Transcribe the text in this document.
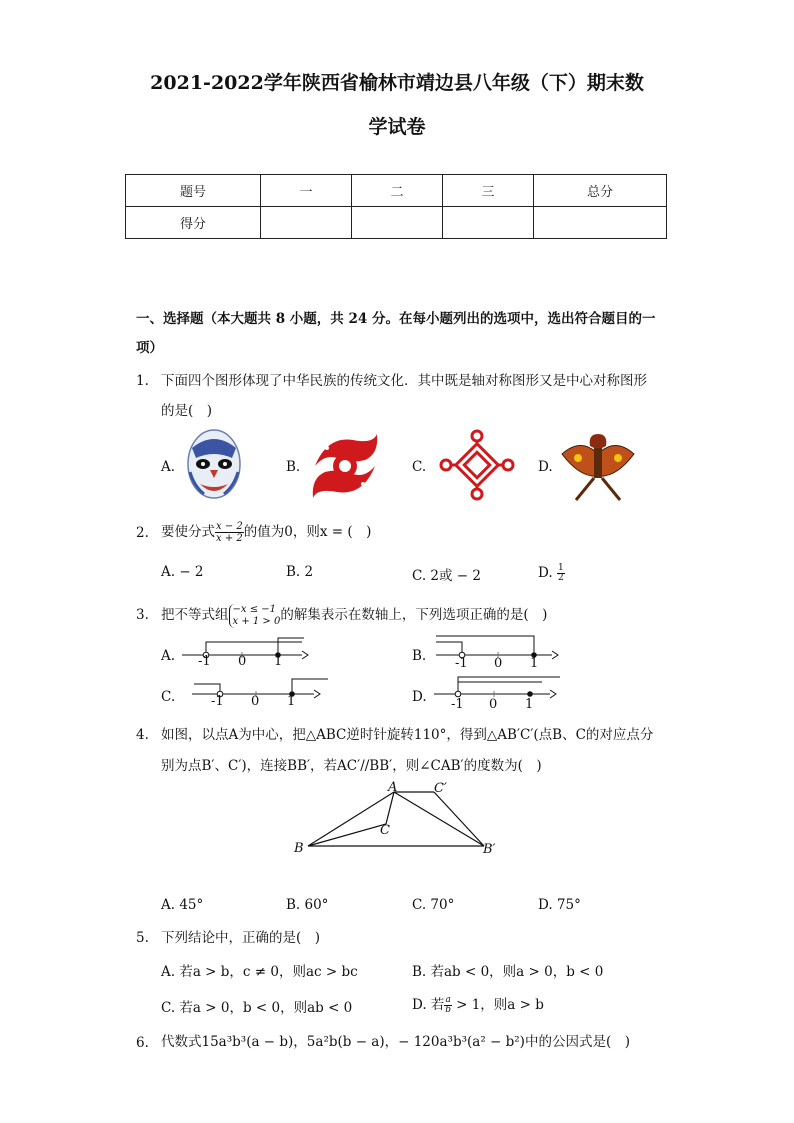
2021-2022学年陕西省榆林市靖边县八年级（下）期末数
学试卷
题号	一	二	三	总分
得分				
一、选择题（本大题共 8 小题，共 24 分。在每小题列出的选项中，选出符合题目的一
项）
1. 下面四个图形体现了中华民族的传统文化．其中既是轴对称图形又是中心对称图形
的是(　)
A.	B.	C.	D.
2. 要使分式 $\frac{x - 2}{x + 2}$ 的值为0，则x = (　)
A. − 2	B. 2	C. 2或 − 2	D. $\frac{1}{2}$
3. 把不等式组 −x ≤ −1
x + 1 > 0 的解集表示在数轴上，下列选项正确的是(　)
A. -1 0 1	B. -1 0 1
C.	-1 0 1	D. -1 0 1
4. 如图，以点A为中心，把△ABC逆时针旋转110°，得到△AB′C′(点B、C的对应点分
别为点B′、C′)，连接BB′，若AC′//BB′，则∠CAB′的度数为(　)
A	C′
C
B	B′
A. 45°	B. 60°	C. 70°	D. 75°
5. 下列结论中，正确的是(　)
A. 若a > b，c ≠ 0，则ac > bc	B. 若ab < 0，则a > 0，b < 0
C. 若a > 0，b < 0，则ab < 0	D. 若 $\frac{a}{b} > 1$，则a > b
6. 代数式15a³b³(a − b)，5a²b(b − a)，− 120a³b³(a² − b²)中的公因式是(　)
